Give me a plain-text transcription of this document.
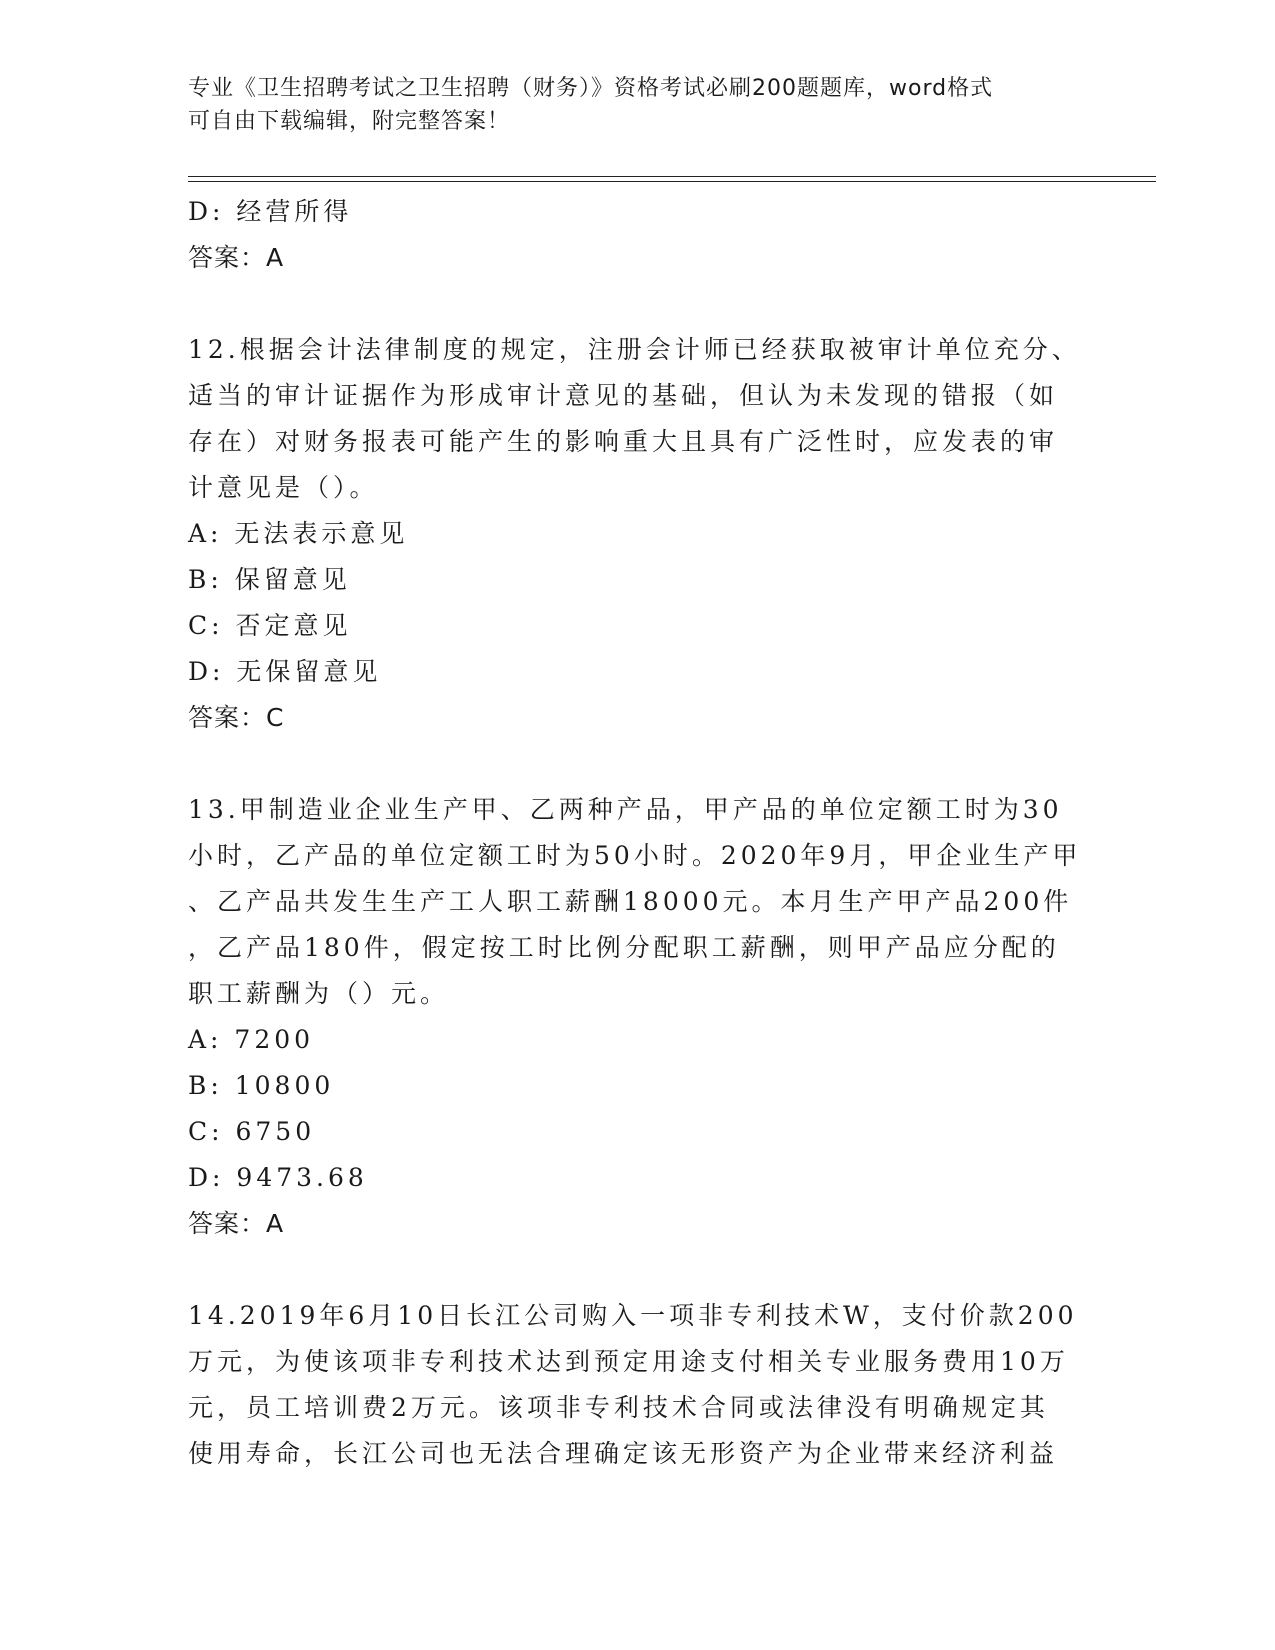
专业《卫生招聘考试之卫生招聘（财务）》资格考试必刷200题题库，word格式
可自由下载编辑，附完整答案！
D: 经营所得
答案：A
12.根据会计法律制度的规定，注册会计师已经获取被审计单位充分、
适当的审计证据作为形成审计意见的基础，但认为未发现的错报（如
存在）对财务报表可能产生的影响重大且具有广泛性时，应发表的审
计意见是（）。
A: 无法表示意见
B: 保留意见
C: 否定意见
D: 无保留意见
答案：C
13.甲制造业企业生产甲、乙两种产品，甲产品的单位定额工时为30
小时，乙产品的单位定额工时为50小时。2020年9月，甲企业生产甲
、乙产品共发生生产工人职工薪酬18000元。本月生产甲产品200件
，乙产品180件，假定按工时比例分配职工薪酬，则甲产品应分配的
职工薪酬为（）元。
A: 7200
B: 10800
C: 6750
D: 9473.68
答案：A
14.2019年6月10日长江公司购入一项非专利技术W，支付价款200
万元，为使该项非专利技术达到预定用途支付相关专业服务费用10万
元，员工培训费2万元。该项非专利技术合同或法律没有明确规定其
使用寿命，长江公司也无法合理确定该无形资产为企业带来经济利益
